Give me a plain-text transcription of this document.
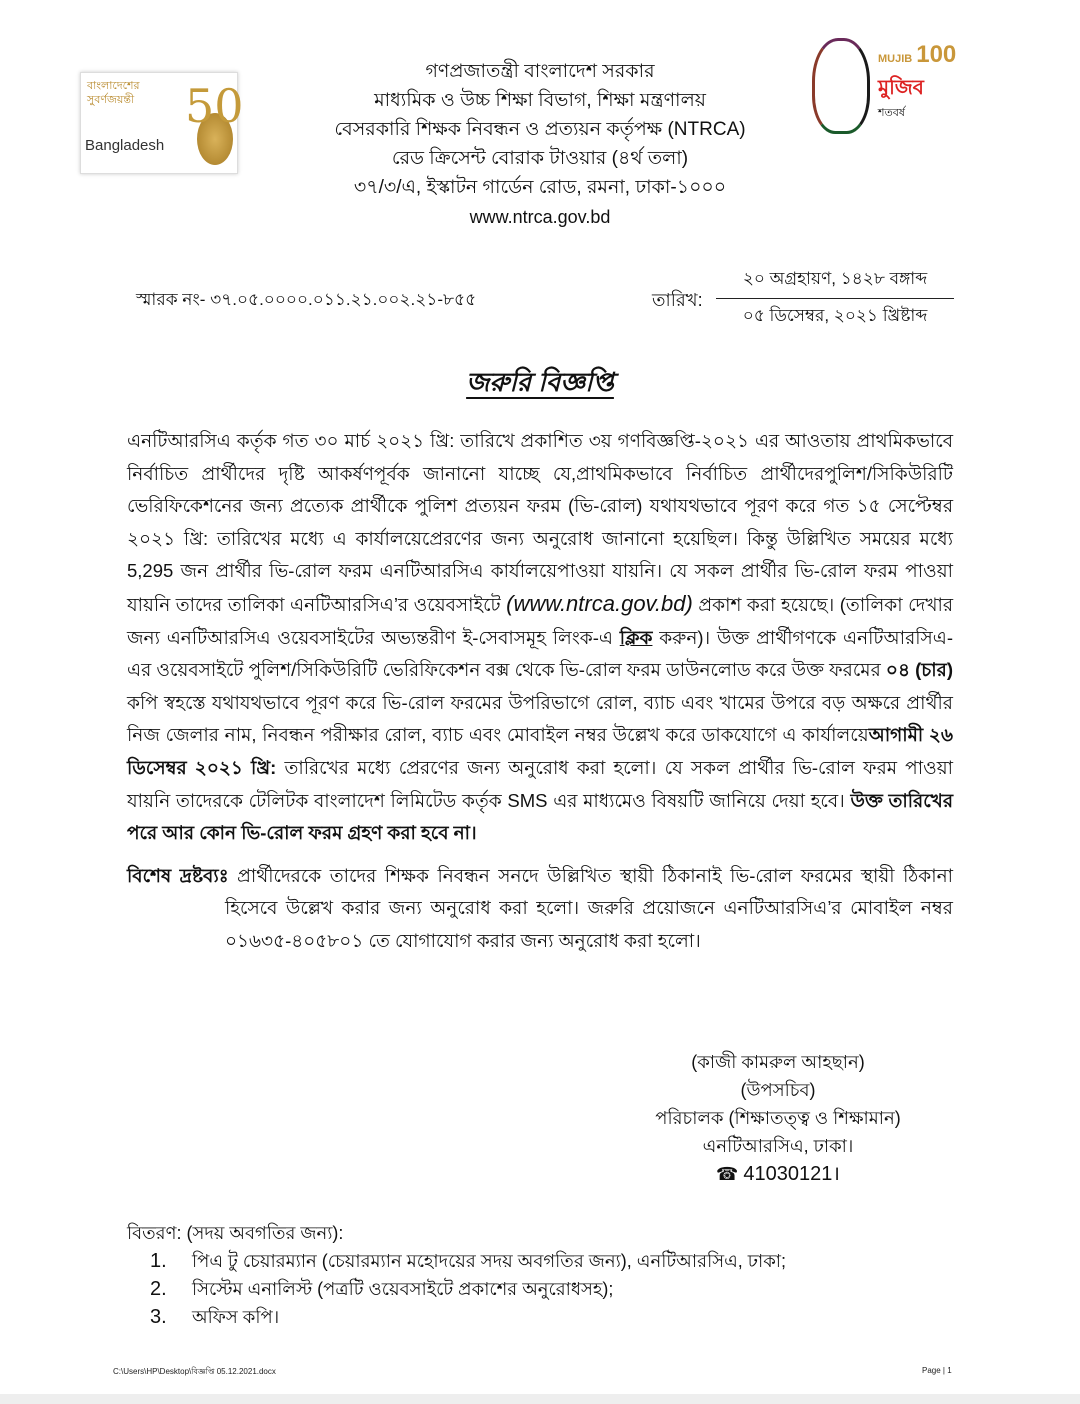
বাংলাদেশের
সুবর্ণজয়ন্তী 50
Bangladesh
MUJIB 100
মুজিব
শতবর্ষ
গণপ্রজাতন্ত্রী বাংলাদেশ সরকার
মাধ্যমিক ও উচ্চ শিক্ষা বিভাগ, শিক্ষা মন্ত্রণালয়
বেসরকারি শিক্ষক নিবন্ধন ও প্রত্যয়ন কর্তৃপক্ষ (NTRCA)
রেড ক্রিসেন্ট বোরাক টাওয়ার (৪র্থ তলা)
৩৭/৩/এ, ইস্কাটন গার্ডেন রোড, রমনা, ঢাকা-১০০০
www.ntrca.gov.bd
স্মারক নং- ৩৭.০৫.০০০০.০১১.২১.০০২.২১-৮৫৫	তারিখ:
২০ অগ্রহায়ণ, ১৪২৮ বঙ্গাব্দ
০৫ ডিসেম্বর, ২০২১ খ্রিষ্টাব্দ
জরুরি বিজ্ঞপ্তি
এনটিআরসিএ কর্তৃক গত ৩০ মার্চ ২০২১ খ্রি: তারিখে প্রকাশিত ৩য় গণবিজ্ঞপ্তি-২০২১ এর আওতায় প্রাথমিকভাবে নির্বাচিত প্রার্থীদের দৃষ্টি আকর্ষণপূর্বক জানানো যাচ্ছে যে,প্রাথমিকভাবে নির্বাচিত প্রার্থীদেরপুলিশ/সিকিউরিটি ভেরিফিকেশনের জন্য প্রত্যেক প্রার্থীকে পুলিশ প্রত্যয়ন ফরম (ভি-রোল) যথাযথভাবে পূরণ করে গত ১৫ সেপ্টেম্বর ২০২১ খ্রি: তারিখের মধ্যে এ কার্যালয়েপ্রেরণের জন্য অনুরোধ জানানো হয়েছিল। কিন্তু উল্লিখিত সময়ের মধ্যে 5,295 জন প্রার্থীর ভি-রোল ফরম এনটিআরসিএ কার্যালয়েপাওয়া যায়নি। যে সকল প্রার্থীর ভি-রোল ফরম পাওয়া যায়নি তাদের তালিকা এনটিআরসিএ’র ওয়েবসাইটে (www.ntrca.gov.bd) প্রকাশ করা হয়েছে। (তালিকা দেখার জন্য এনটিআরসিএ ওয়েবসাইটের অভ্যন্তরীণ ই-সেবাসমূহ লিংক-এ ক্লিক করুন)। উক্ত প্রার্থীগণকে এনটিআরসিএ-এর ওয়েবসাইটে পুলিশ/সিকিউরিটি ভেরিফিকেশন বক্স থেকে ভি-রোল ফরম ডাউনলোড করে উক্ত ফরমের ০৪ (চার) কপি স্বহস্তে যথাযথভাবে পূরণ করে ভি-রোল ফরমের উপরিভাগে রোল, ব্যাচ এবং খামের উপরে বড় অক্ষরে প্রার্থীর নিজ জেলার নাম, নিবন্ধন পরীক্ষার রোল, ব্যাচ এবং মোবাইল নম্বর উল্লেখ করে ডাকযোগে এ কার্যালয়েআগামী ২৬ ডিসেম্বর ২০২১ খ্রি: তারিখের মধ্যে প্রেরণের জন্য অনুরোধ করা হলো। যে সকল প্রার্থীর ভি-রোল ফরম পাওয়া যায়নি তাদেরকে টেলিটক বাংলাদেশ লিমিটেড কর্তৃক SMS এর মাধ্যমেও বিষয়টি জানিয়ে দেয়া হবে। উক্ত তারিখের পরে আর কোন ভি-রোল ফরম গ্রহণ করা হবে না।
বিশেষ দ্রষ্টব্যঃ প্রার্থীদেরকে তাদের শিক্ষক নিবন্ধন সনদে উল্লিখিত স্থায়ী ঠিকানাই ভি-রোল ফরমের স্থায়ী ঠিকানা হিসেবে উল্লেখ করার জন্য অনুরোধ করা হলো। জরুরি প্রয়োজনে এনটিআরসিএ’র মোবাইল নম্বর ০১৬৩৫-৪০৫৮০১ তে যোগাযোগ করার জন্য অনুরোধ করা হলো।
(কাজী কামরুল আহছান)
(উপসচিব)
পরিচালক (শিক্ষাতত্ত্ব ও শিক্ষামান)
এনটিআরসিএ, ঢাকা।
☎ 41030121।
বিতরণ: (সদয় অবগতির জন্য):
1. পিএ টু চেয়ারম্যান (চেয়ারম্যান মহোদয়ের সদয় অবগতির জন্য), এনটিআরসিএ, ঢাকা;
2. সিস্টেম এনালিস্ট (পত্রটি ওয়েবসাইটে প্রকাশের অনুরোধসহ);
3. অফিস কপি।
C:\Users\HP\Desktop\বিজ্ঞপ্তি 05.12.2021.docx	Page | 1
